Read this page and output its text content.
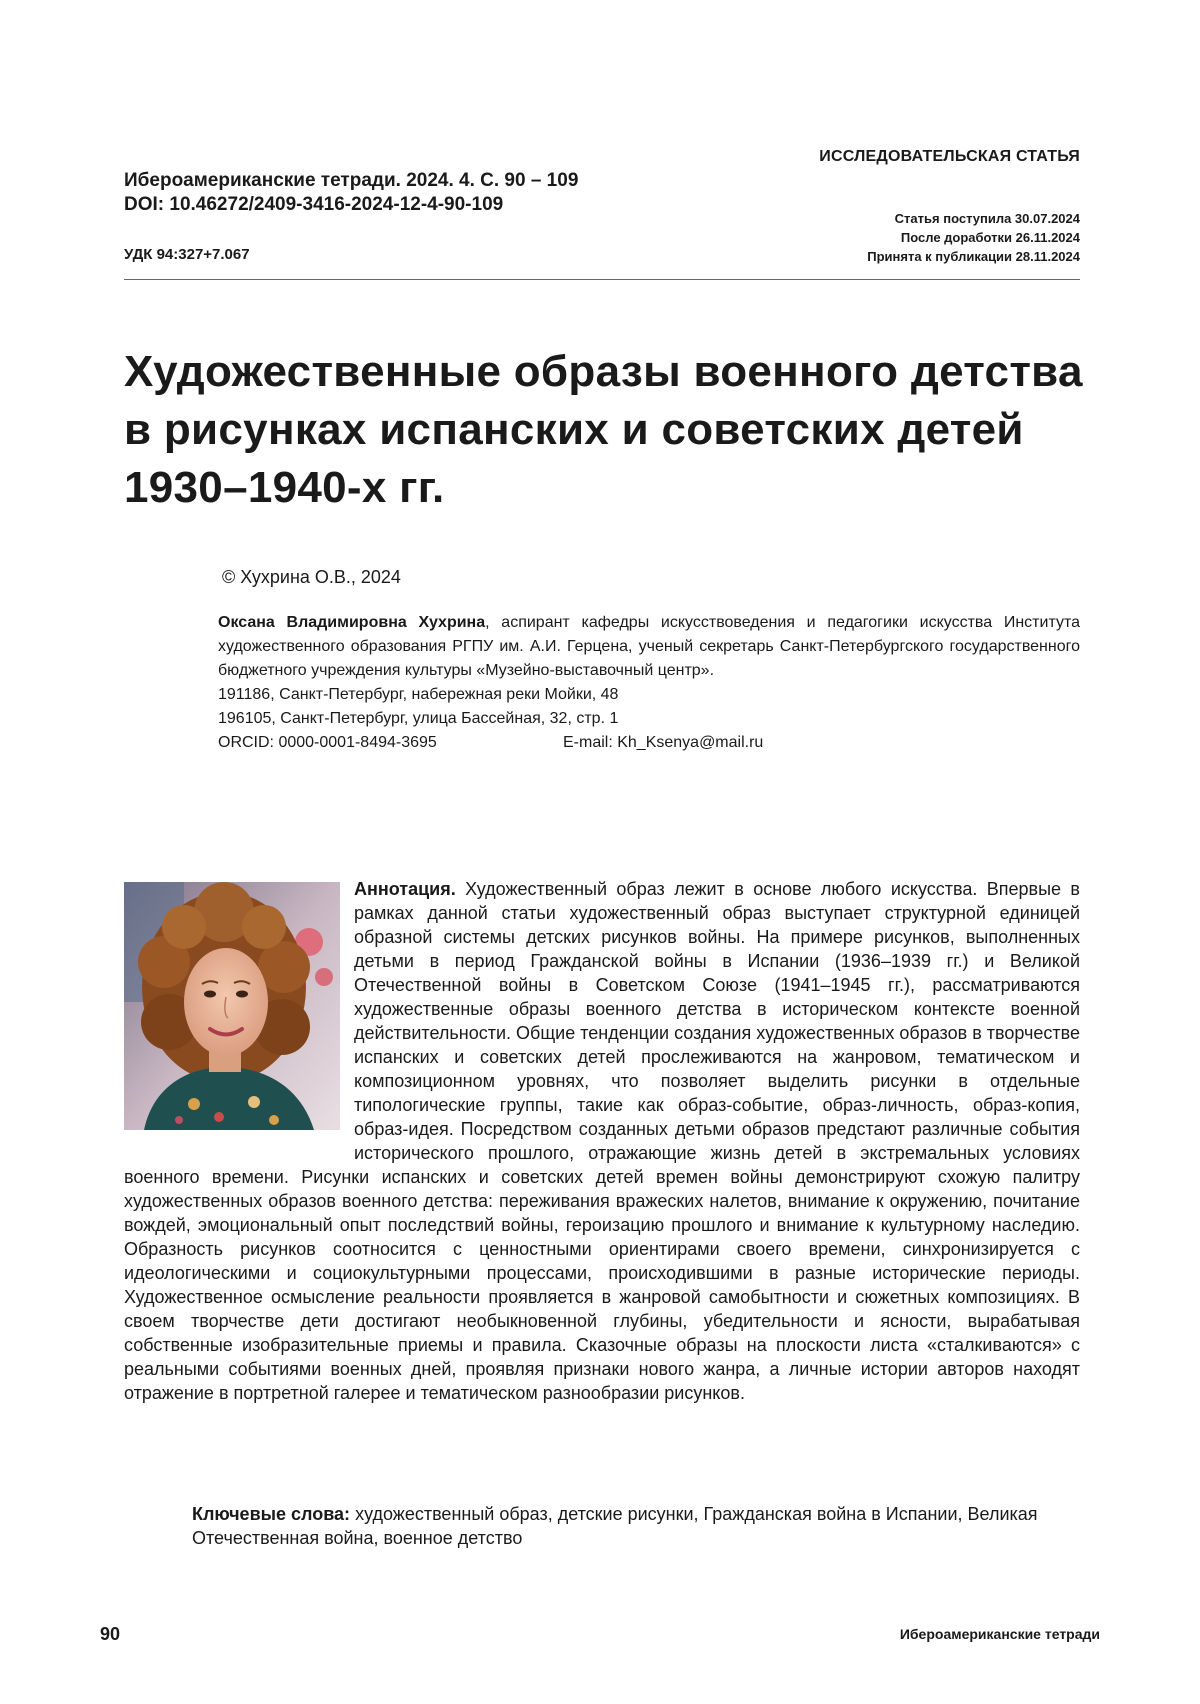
ИССЛЕДОВАТЕЛЬСКАЯ СТАТЬЯ
Ибероамериканские тетради. 2024. 4. С. 90 – 109
DOI: 10.46272/2409-3416-2024-12-4-90-109
УДК 94:327+7.067
Статья поступила 30.07.2024
После доработки 26.11.2024
Принята к публикации 28.11.2024
Художественные образы военного детства
в рисунках испанских и советских детей
1930–1940-х гг.
© Хухрина О.В., 2024
Оксана Владимировна Хухрина, аспирант кафедры искусствоведения и педагогики искусства Института художественного образования РГПУ им. А.И. Герцена, ученый секретарь Санкт-Петербургского государственного бюджетного учреждения культуры «Музейно-выставочный центр».
191186, Санкт-Петербург, набережная реки Мойки, 48
196105, Санкт-Петербург, улица Бассейная, 32, стр. 1
ORCID: 0000-0001-8494-3695	E-mail: Kh_Ksenya@mail.ru
Аннотация. Художественный образ лежит в основе любого искусства. Впервые в рамках данной статьи художественный образ выступает структурной единицей образной системы детских рисунков войны. На примере рисунков, выполненных детьми в период Гражданской войны в Испании (1936–1939 гг.) и Великой Отечественной войны в Советском Союзе (1941–1945 гг.), рассматриваются художественные образы военного детства в историческом контексте военной действительности. Общие тенденции создания художественных образов в творчестве испанских и советских детей прослеживаются на жанровом, тематическом и композиционном уровнях, что позволяет выделить рисунки в отдельные типологические группы, такие как образ-событие, образ-личность, образ-копия, образ-идея. Посредством созданных детьми образов предстают различные события исторического прошлого, отражающие жизнь детей в экстремальных условиях военного времени. Рисунки испанских и советских детей времен войны демонстрируют схожую палитру художественных образов военного детства: переживания вражеских налетов, внимание к окружению, почитание вождей, эмоциональный опыт последствий войны, героизацию прошлого и внимание к культурному наследию. Образность рисунков соотносится с ценностными ориентирами своего времени, синхронизируется с идеологическими и социокультурными процессами, происходившими в разные исторические периоды. Художественное осмысление реальности проявляется в жанровой самобытности и сюжетных композициях. В своем творчестве дети достигают необыкновенной глубины, убедительности и ясности, вырабатывая собственные изобразительные приемы и правила. Сказочные образы на плоскости листа «сталкиваются» с реальными событиями военных дней, проявляя признаки нового жанра, а личные истории авторов находят отражение в портретной галерее и тематическом разнообразии рисунков.
Ключевые слова: художественный образ, детские рисунки, Гражданская война в Испании, Великая Отечественная война, военное детство
90	Ибероамериканские тетради
